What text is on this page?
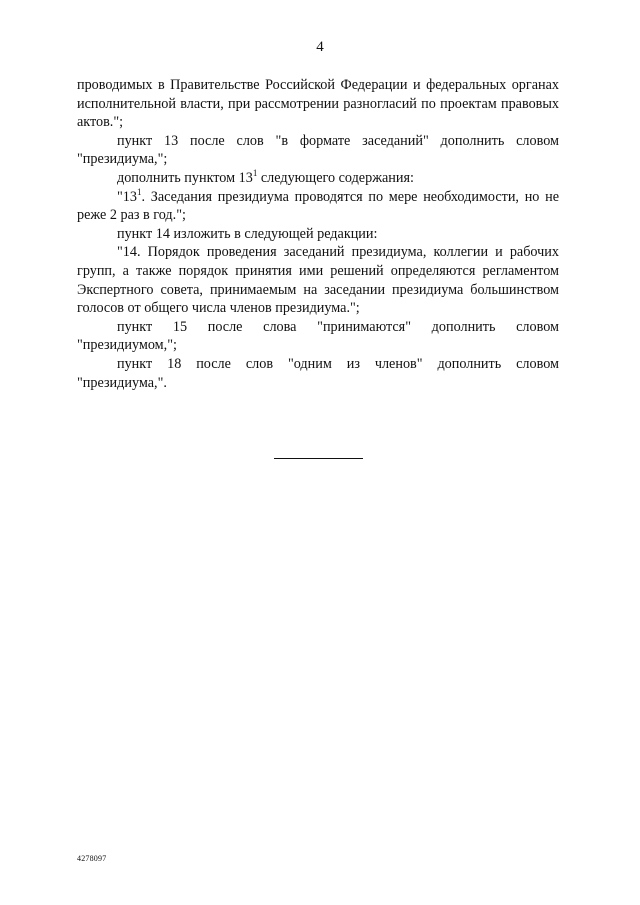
4

проводимых в Правительстве Российской Федерации и федеральных органах исполнительной власти, при рассмотрении разногласий по проектам правовых актов.";

пункт 13 после слов "в формате заседаний" дополнить словом "президиума,";

дополнить пунктом $13^1$ следующего содержания:

"$13^1$. Заседания президиума проводятся по мере необходимости, но не реже 2 раз в год.";

пункт 14 изложить в следующей редакции:

"14. Порядок проведения заседаний президиума, коллегии и рабочих групп, а также порядок принятия ими решений определяются регламентом Экспертного совета, принимаемым на заседании президиума большинством голосов от общего числа членов президиума.";

пункт 15 после слова "принимаются" дополнить словом "президиумом,";

пункт 18 после слов "одним из членов" дополнить словом "президиума,".

4278097
